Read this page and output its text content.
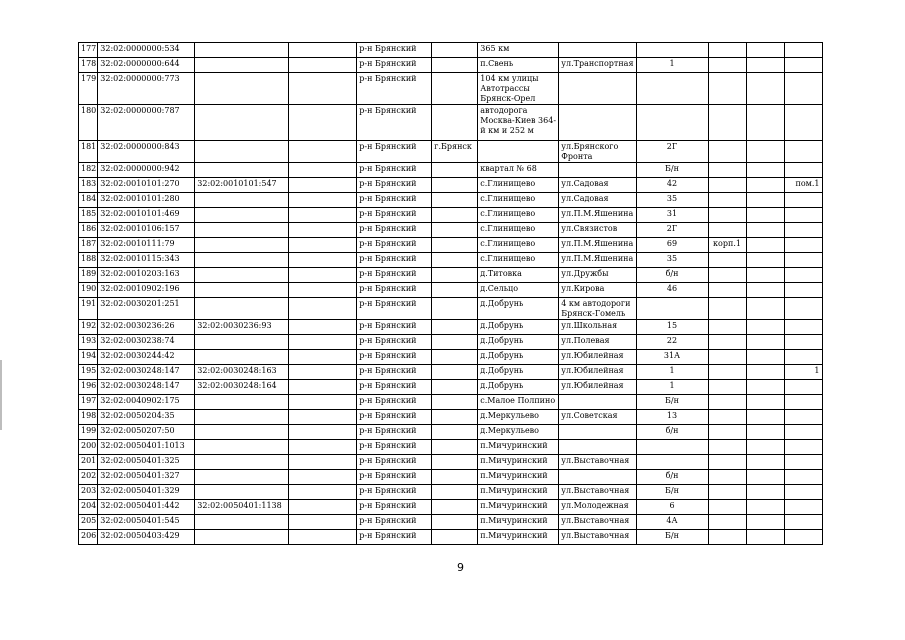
177	32:02:0000000:534			р-н Брянский		365 км					
178	32:02:0000000:644			р-н Брянский		п.Свень	ул.Транспортная	1			
179	32:02:0000000:773			р-н Брянский		104 км улицы Автотрассы Брянск-Орел					
180	32:02:0000000:787			р-н Брянский		автодорога Москва-Киев 364-й км и 252 м					
181	32:02:0000000:843			р-н Брянский	г.Брянск		ул.Брянского Фронта	2Г			
182	32:02:0000000:942			р-н Брянский		квартал № 68		Б/н			
183	32:02:0010101:270	32:02:0010101:547		р-н Брянский		с.Глинищево	ул.Садовая	42			пом.1
184	32:02:0010101:280			р-н Брянский		с.Глинищево	ул.Садовая	35			
185	32:02:0010101:469			р-н Брянский		с.Глинищево	ул.П.М.Яшенина	31			
186	32:02:0010106:157			р-н Брянский		с.Глинищево	ул.Связистов	2Г			
187	32:02:0010111:79			р-н Брянский		с.Глинищево	ул.П.М.Яшенина	69	корп.1		
188	32:02:0010115:343			р-н Брянский		с.Глинищево	ул.П.М.Яшенина	35			
189	32:02:0010203:163			р-н Брянский		д.Титовка	ул.Дружбы	б/н			
190	32:02:0010902:196			р-н Брянский		д.Сельцо	ул.Кирова	46			
191	32:02:0030201:251			р-н Брянский		д.Добрунь	4 км автодороги Брянск-Гомель				
192	32:02:0030236:26	32:02:0030236:93		р-н Брянский		д.Добрунь	ул.Школьная	15			
193	32:02:0030238:74			р-н Брянский		д.Добрунь	ул.Полевая	22			
194	32:02:0030244:42			р-н Брянский		д.Добрунь	ул.Юбилейная	31А			
195	32:02:0030248:147	32:02:0030248:163		р-н Брянский		д.Добрунь	ул.Юбилейная	1			1
196	32:02:0030248:147	32:02:0030248:164		р-н Брянский		д.Добрунь	ул.Юбилейная	1			
197	32:02:0040902:175			р-н Брянский		с.Малое Полпино		Б/н			
198	32:02:0050204:35			р-н Брянский		д.Меркульево	ул.Советская	13			
199	32:02:0050207:50			р-н Брянский		д.Меркульево		б/н			
200	32:02:0050401:1013			р-н Брянский		п.Мичуринский					
201	32:02:0050401:325			р-н Брянский		п.Мичуринский	ул.Выставочная				
202	32:02:0050401:327			р-н Брянский		п.Мичуринский		б/н			
203	32:02:0050401:329			р-н Брянский		п.Мичуринский	ул.Выставочная	Б/н			
204	32:02:0050401:442	32:02:0050401:1138		р-н Брянский		п.Мичуринский	ул.Молодежная	6			
205	32:02:0050401:545			р-н Брянский		п.Мичуринский	ул.Выставочная	4А			
206	32:02:0050403:429			р-н Брянский		п.Мичуринский	ул.Выставочная	Б/н			
9
